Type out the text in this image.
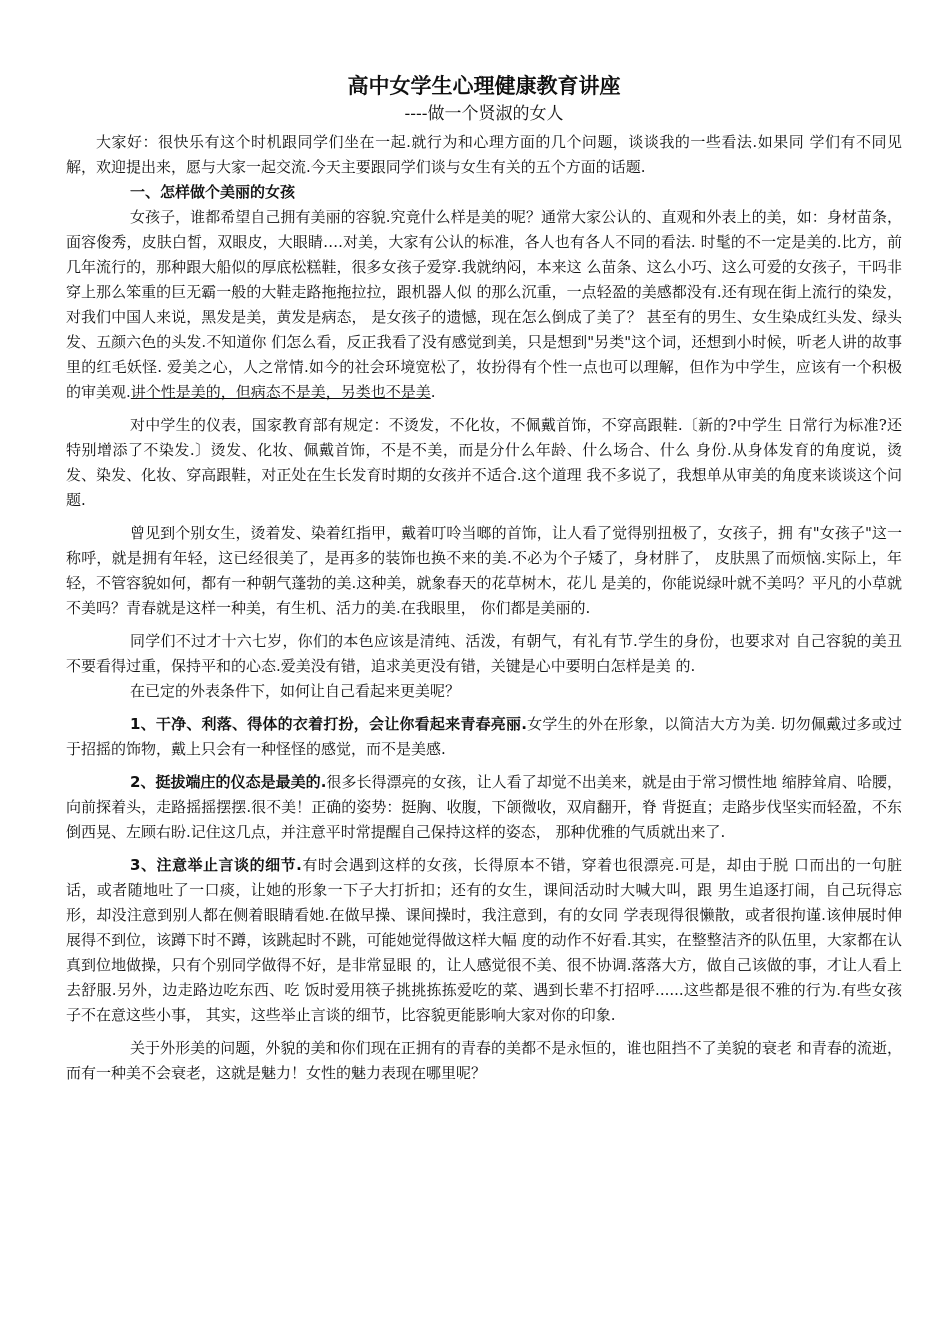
高中女学生心理健康教育讲座
----做一个贤淑的女人

大家好：很快乐有这个时机跟同学们坐在一起.就行为和心理方面的几个问题，谈谈我的一些看法.如果同 学们有不同见解，欢迎提出来，愿与大家一起交流.今天主要跟同学们谈与女生有关的五个方面的话题.

一、怎样做个美丽的女孩

女孩子，谁都希望自己拥有美丽的容貌.究竟什么样是美的呢？通常大家公认的、直观和外表上的美，如：身材苗条，面容俊秀，皮肤白皙，双眼皮，大眼睛….对美，大家有公认的标准，各人也有各人不同的看法. 时髦的不一定是美的.比方，前几年流行的，那种跟大船似的厚底松糕鞋，很多女孩子爱穿.我就纳闷，本来这 么苗条、这么小巧、这么可爱的女孩子，干吗非穿上那么笨重的巨无霸一般的大鞋走路拖拖拉拉，跟机器人似 的那么沉重，一点轻盈的美感都没有.还有现在街上流行的染发，对我们中国人来说，黑发是美，黄发是病态， 是女孩子的遗憾，现在怎么倒成了美了？ 甚至有的男生、女生染成红头发、绿头发、五颜六色的头发.不知道你 们怎么看，反正我看了没有感觉到美，只是想到"另类"这个词，还想到小时候，听老人讲的故事里的红毛妖怪. 爱美之心，人之常情.如今的社会环境宽松了，妆扮得有个性一点也可以理解，但作为中学生，应该有一个积极 的审美观.讲个性是美的，但病态不是美，另类也不是美.

对中学生的仪表，国家教育部有规定：不烫发，不化妆，不佩戴首饰，不穿高跟鞋.〔新的?中学生 日常行为标准?还特别增添了不染发.〕烫发、化妆、佩戴首饰，不是不美，而是分什么年龄、什么场合、什么 身份.从身体发育的角度说，烫发、染发、化妆、穿高跟鞋，对正处在生长发育时期的女孩并不适合.这个道理 我不多说了，我想单从审美的角度来谈谈这个问题.

曾见到个别女生，烫着发、染着红指甲，戴着叮呤当啷的首饰，让人看了觉得别扭极了，女孩子，拥 有"女孩子"这一称呼，就是拥有年轻，这已经很美了，是再多的装饰也换不来的美.不必为个子矮了，身材胖了， 皮肤黑了而烦恼.实际上，年轻，不管容貌如何，都有一种朝气蓬勃的美.这种美，就象春天的花草树木，花儿 是美的，你能说绿叶就不美吗？平凡的小草就不美吗？青春就是这样一种美，有生机、活力的美.在我眼里， 你们都是美丽的.

同学们不过才十六七岁，你们的本色应该是清纯、活泼，有朝气，有礼有节.学生的身份，也要求对 自己容貌的美丑不要看得过重，保持平和的心态.爱美没有错，追求美更没有错，关键是心中要明白怎样是美 的.

在已定的外表条件下，如何让自己看起来更美呢？

1、干净、利落、得体的衣着打扮，会让你看起来青春亮丽.女学生的外在形象，以简洁大方为美. 切勿佩戴过多或过于招摇的饰物，戴上只会有一种怪怪的感觉，而不是美感.

2、挺拔端庄的仪态是最美的.很多长得漂亮的女孩，让人看了却觉不出美来，就是由于常习惯性地 缩脖耸肩、哈腰，向前探着头，走路摇摇摆摆.很不美！正确的姿势：挺胸、收腹，下颌微收，双肩翻开，脊 背挺直；走路步伐坚实而轻盈，不东倒西晃、左顾右盼.记住这几点，并注意平时常提醒自己保持这样的姿态， 那种优雅的气质就出来了.

3、注意举止言谈的细节.有时会遇到这样的女孩，长得原本不错，穿着也很漂亮.可是，却由于脱 口而出的一句脏话，或者随地吐了一口痰，让她的形象一下子大打折扣；还有的女生，课间活动时大喊大叫，跟 男生追逐打闹，自己玩得忘形，却没注意到别人都在侧着眼睛看她.在做早操、课间操时，我注意到，有的女同 学表现得很懒散，或者很拘谨.该伸展时伸展得不到位，该蹲下时不蹲，该跳起时不跳，可能她觉得做这样大幅 度的动作不好看.其实，在整整洁齐的队伍里，大家都在认真到位地做操，只有个别同学做得不好，是非常显眼 的，让人感觉很不美、很不协调.落落大方，做自己该做的事，才让人看上去舒服.另外，边走路边吃东西、吃 饭时爱用筷子挑挑拣拣爱吃的菜、遇到长辈不打招呼......这些都是很不雅的行为.有些女孩子不在意这些小事， 其实，这些举止言谈的细节，比容貌更能影响大家对你的印象.

关于外形美的问题，外貌的美和你们现在正拥有的青春的美都不是永恒的，谁也阻挡不了美貌的衰老 和青春的流逝，而有一种美不会衰老，这就是魅力！女性的魅力表现在哪里呢？
